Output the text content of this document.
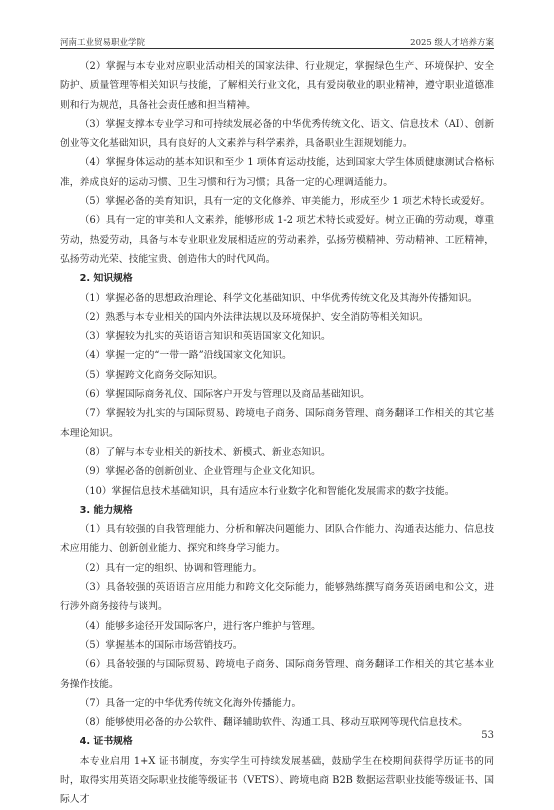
河南工业贸易职业学院	2025 级人才培养方案

（2）掌握与本专业对应职业活动相关的国家法律、行业规定，掌握绿色生产、环境保护、安全防护、质量管理等相关知识与技能，了解相关行业文化，具有爱岗敬业的职业精神，遵守职业道德准则和行为规范，具备社会责任感和担当精神。

（3）掌握支撑本专业学习和可持续发展必备的中华优秀传统文化、语文、信息技术（AI）、创新创业等文化基础知识，具有良好的人文素养与科学素养，具备职业生涯规划能力。

（4）掌握身体运动的基本知识和至少 1 项体育运动技能，达到国家大学生体质健康测试合格标准，养成良好的运动习惯、卫生习惯和行为习惯；具备一定的心理调适能力。

（5）掌握必备的美育知识，具有一定的文化修养、审美能力，形成至少 1 项艺术特长或爱好。

（6）具有一定的审美和人文素养，能够形成 1-2 项艺术特长或爱好。树立正确的劳动观，尊重劳动，热爱劳动，具备与本专业职业发展相适应的劳动素养，弘扬劳模精神、劳动精神、工匠精神，弘扬劳动光荣、技能宝贵、创造伟大的时代风尚。

2. 知识规格

（1）掌握必备的思想政治理论、科学文化基础知识、中华优秀传统文化及其海外传播知识。

（2）熟悉与本专业相关的国内外法律法规以及环境保护、安全消防等相关知识。

（3）掌握较为扎实的英语语言知识和英语国家文化知识。

（4）掌握一定的“一带一路”沿线国家文化知识。

（5）掌握跨文化商务交际知识。

（6）掌握国际商务礼仪、国际客户开发与管理以及商品基础知识。

（7）掌握较为扎实的与国际贸易、跨境电子商务、国际商务管理、商务翻译工作相关的其它基本理论知识。

（8）了解与本专业相关的新技术、新模式、新业态知识。

（9）掌握必备的创新创业、企业管理与企业文化知识。

（10）掌握信息技术基础知识，具有适应本行业数字化和智能化发展需求的数字技能。

3. 能力规格

（1）具有较强的自我管理能力、分析和解决问题能力、团队合作能力、沟通表达能力、信息技术应用能力、创新创业能力、探究和终身学习能力。

（2）具有一定的组织、协调和管理能力。

（3）具备较强的英语语言应用能力和跨文化交际能力，能够熟练撰写商务英语函电和公文，进行涉外商务接待与谈判。

（4）能够多途径开发国际客户，进行客户维护与管理。

（5）掌握基本的国际市场营销技巧。

（6）具备较强的与国际贸易、跨境电子商务、国际商务管理、商务翻译工作相关的其它基本业务操作技能。

（7）具备一定的中华优秀传统文化海外传播能力。

（8）能够使用必备的办公软件、翻译辅助软件、沟通工具、移动互联网等现代信息技术。

4. 证书规格

本专业启用 1+X 证书制度，夯实学生可持续发展基础，鼓励学生在校期间获得学历证书的同时，取得实用英语交际职业技能等级证书（VETS）、跨境电商 B2B 数据运营职业技能等级证书、国际人才

53
